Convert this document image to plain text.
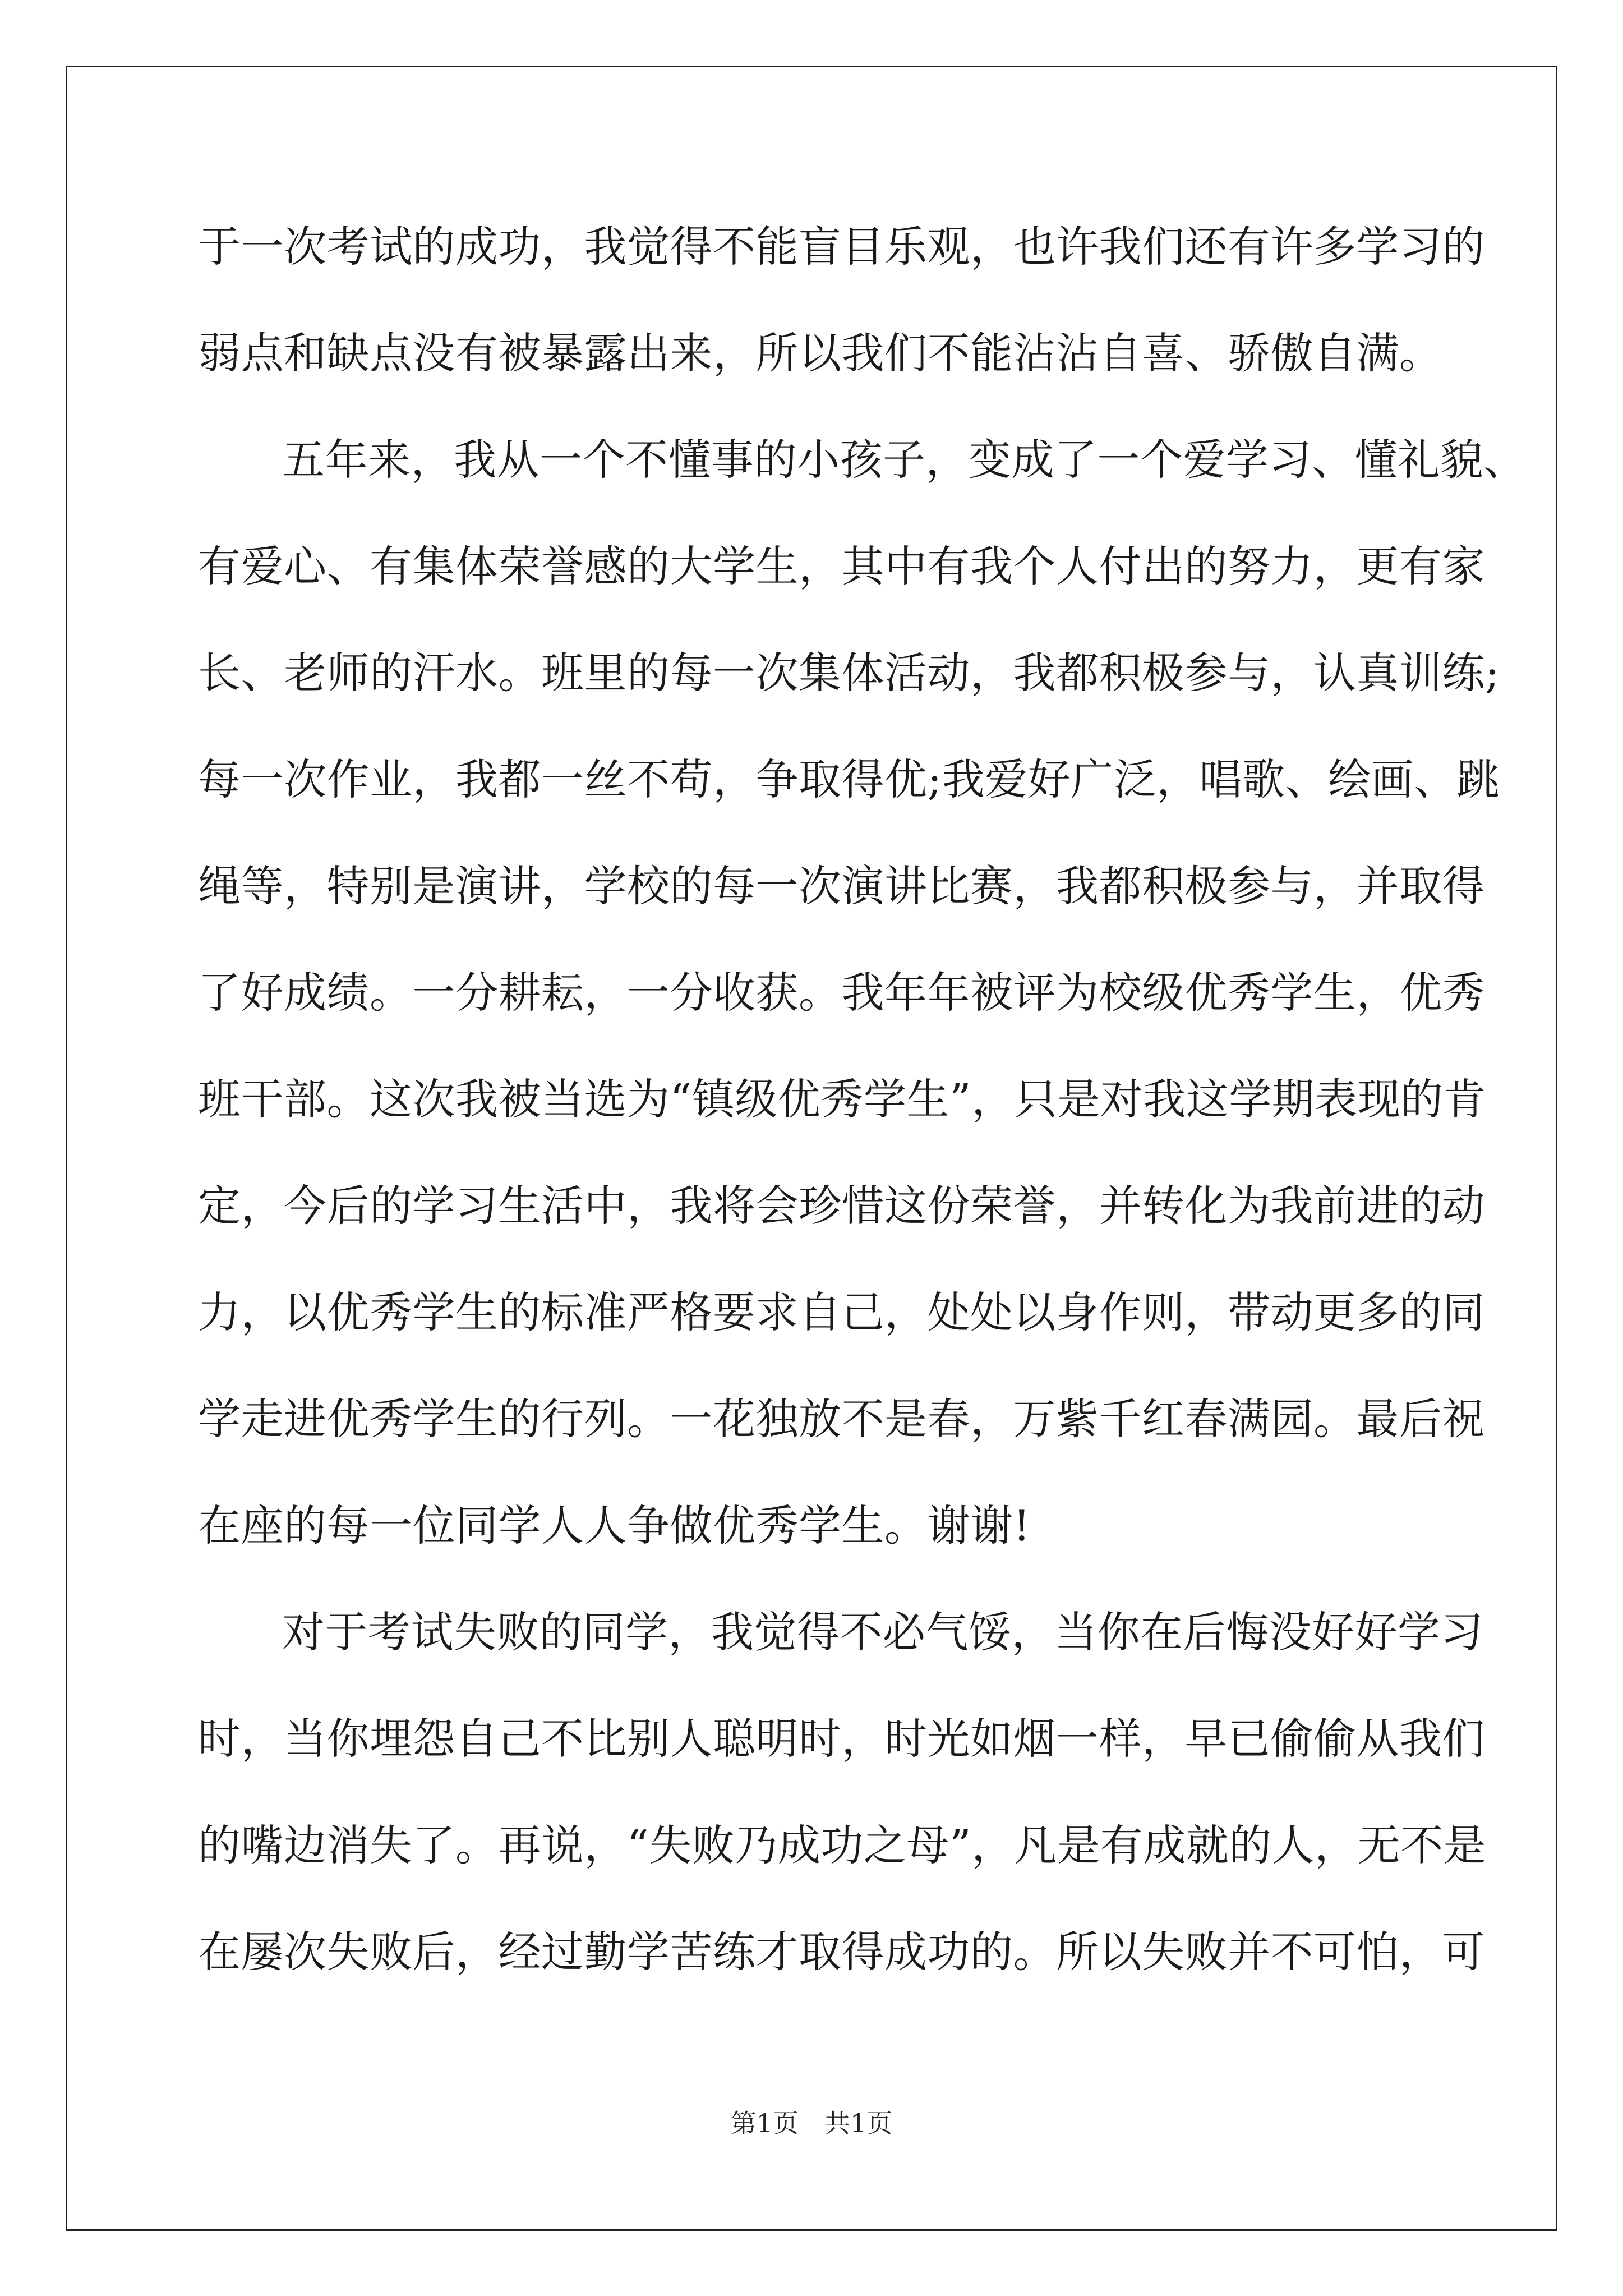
于一次考试的成功，我觉得不能盲目乐观，也许我们还有许多学习的
弱点和缺点没有被暴露出来，所以我们不能沾沾自喜、骄傲自满。
五年来，我从一个不懂事的小孩子，变成了一个爱学习、懂礼貌、
有爱心、有集体荣誉感的大学生，其中有我个人付出的努力，更有家
长、老师的汗水。班里的每一次集体活动，我都积极参与，认真训练;
每一次作业，我都一丝不苟，争取得优;我爱好广泛，唱歌、绘画、跳
绳等，特别是演讲，学校的每一次演讲比赛，我都积极参与，并取得
了好成绩。一分耕耘，一分收获。我年年被评为校级优秀学生，优秀
班干部。这次我被当选为“镇级优秀学生”，只是对我这学期表现的肯
定，今后的学习生活中，我将会珍惜这份荣誉，并转化为我前进的动
力，以优秀学生的标准严格要求自己，处处以身作则，带动更多的同
学走进优秀学生的行列。一花独放不是春，万紫千红春满园。最后祝
在座的每一位同学人人争做优秀学生。谢谢!
对于考试失败的同学，我觉得不必气馁，当你在后悔没好好学习
时，当你埋怨自己不比别人聪明时，时光如烟一样，早已偷偷从我们
的嘴边消失了。再说，“失败乃成功之母”，凡是有成就的人，无不是
在屡次失败后，经过勤学苦练才取得成功的。所以失败并不可怕，可
第1页 共1页
